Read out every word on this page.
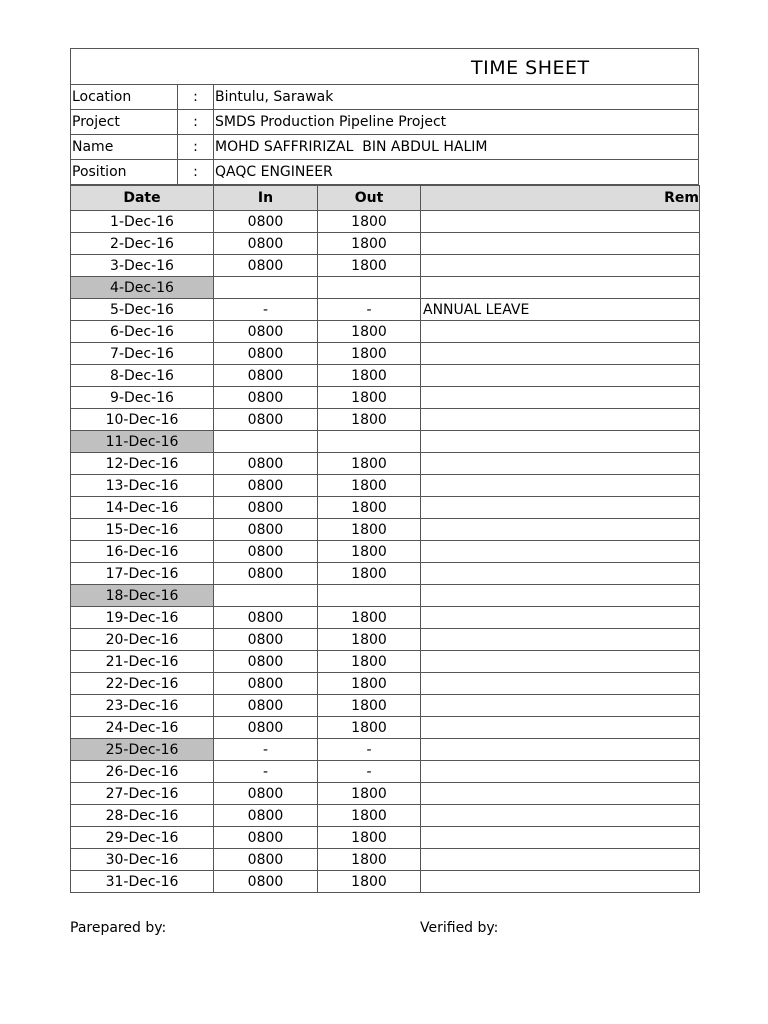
TIME SHEET
Location	:	Bintulu, Sarawak
Project	:	SMDS Production Pipeline Project
Name	:	MOHD SAFFRIRIZAL  BIN ABDUL HALIM
Position	:	QAQC ENGINEER
Date	In	Out	Rem
1-Dec-16	0800	1800	
2-Dec-16	0800	1800	
3-Dec-16	0800	1800	
4-Dec-16			
5-Dec-16	-	-	ANNUAL LEAVE
6-Dec-16	0800	1800	
7-Dec-16	0800	1800	
8-Dec-16	0800	1800	
9-Dec-16	0800	1800	
10-Dec-16	0800	1800	
11-Dec-16			
12-Dec-16	0800	1800	
13-Dec-16	0800	1800	
14-Dec-16	0800	1800	
15-Dec-16	0800	1800	
16-Dec-16	0800	1800	
17-Dec-16	0800	1800	
18-Dec-16			
19-Dec-16	0800	1800	
20-Dec-16	0800	1800	
21-Dec-16	0800	1800	
22-Dec-16	0800	1800	
23-Dec-16	0800	1800	
24-Dec-16	0800	1800	
25-Dec-16	-	-	
26-Dec-16	-	-	
27-Dec-16	0800	1800	
28-Dec-16	0800	1800	
29-Dec-16	0800	1800	
30-Dec-16	0800	1800	
31-Dec-16	0800	1800	
Parepared by:	Verified by:
